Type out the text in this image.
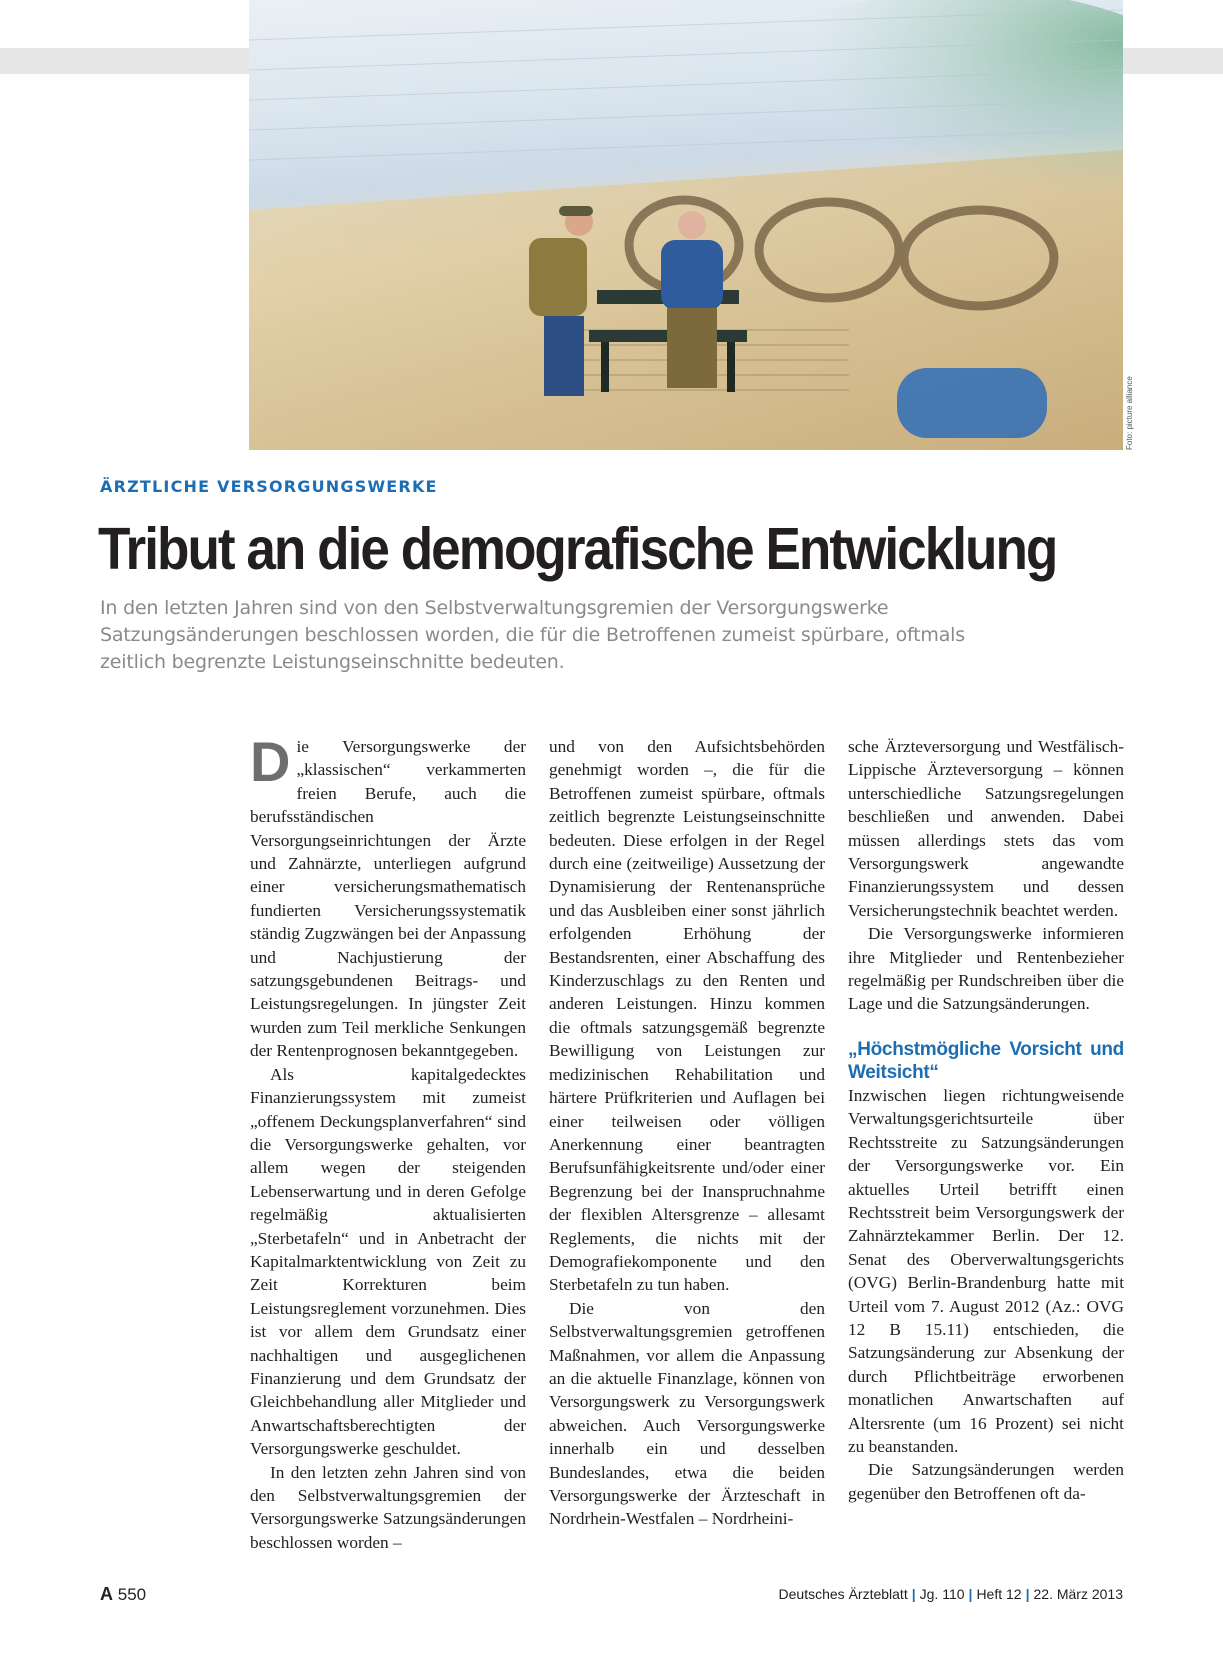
Foto: picture alliance
ÄRZTLICHE VERSORGUNGSWERKE
Tribut an die demografische Entwicklung

In den letzten Jahren sind von den Selbstverwaltungsgremien der Versorgungswerke Satzungsänderungen beschlossen worden, die für die Betroffenen zumeist spürbare, oftmals zeitlich begrenzte Leistungseinschnitte bedeuten.

D ie Versorgungswerke der „klassischen“ verkammerten freien Berufe, auch die berufsständischen Versorgungseinrichtungen der Ärzte und Zahnärzte, unterliegen aufgrund einer versicherungsmathematisch fundierten Versicherungssystematik ständig Zugzwängen bei der Anpassung und Nachjustierung der satzungsgebundenen Beitrags- und Leistungsregelungen. In jüngster Zeit wurden zum Teil merkliche Senkungen der Rentenprognosen bekanntgegeben.

Als kapitalgedecktes Finanzierungssystem mit zumeist „offenem Deckungsplanverfahren“ sind die Versorgungswerke gehalten, vor allem wegen der steigenden Lebenserwartung und in deren Gefolge regelmäßig aktualisierten „Sterbetafeln“ und in Anbetracht der Kapitalmarktentwicklung von Zeit zu Zeit Korrekturen beim Leistungsreglement vorzunehmen. Dies ist vor allem dem Grundsatz einer nachhaltigen und ausgeglichenen Finanzierung und dem Grundsatz der Gleichbehandlung aller Mitglieder und Anwartschaftsberechtigten der Versorgungswerke geschuldet.

In den letzten zehn Jahren sind von den Selbstverwaltungsgremien der Versorgungswerke Satzungsänderungen beschlossen worden –

und von den Aufsichtsbehörden genehmigt worden –, die für die Betroffenen zumeist spürbare, oftmals zeitlich begrenzte Leistungseinschnitte bedeuten. Diese erfolgen in der Regel durch eine (zeitweilige) Aussetzung der Dynamisierung der Rentenansprüche und das Ausbleiben einer sonst jährlich erfolgenden Erhöhung der Bestandsrenten, einer Abschaffung des Kinderzuschlags zu den Renten und anderen Leistungen. Hinzu kommen die oftmals satzungsgemäß begrenzte Bewilligung von Leistungen zur medizinischen Rehabilitation und härtere Prüfkriterien und Auflagen bei einer teilweisen oder völligen Anerkennung einer beantragten Berufsunfähigkeitsrente und/oder einer Begrenzung bei der Inanspruchnahme der flexiblen Altersgrenze – allesamt Reglements, die nichts mit der Demografiekomponente und den Sterbetafeln zu tun haben.

Die von den Selbstverwaltungsgremien getroffenen Maßnahmen, vor allem die Anpassung an die aktuelle Finanzlage, können von Versorgungswerk zu Versorgungswerk abweichen. Auch Versorgungswerke innerhalb ein und desselben Bundeslandes, etwa die beiden Versorgungswerke der Ärzteschaft in Nordrhein-Westfalen – Nordrheini-

sche Ärzteversorgung und Westfälisch-Lippische Ärzteversorgung – können unterschiedliche Satzungsregelungen beschließen und anwenden. Dabei müssen allerdings stets das vom Versorgungswerk angewandte Finanzierungssystem und dessen Versicherungstechnik beachtet werden.

Die Versorgungswerke informieren ihre Mitglieder und Rentenbezieher regelmäßig per Rundschreiben über die Lage und die Satzungsänderungen.

„Höchstmögliche Vorsicht und Weitsicht“

Inzwischen liegen richtungweisende Verwaltungsgerichtsurteile über Rechtsstreite zu Satzungsänderungen der Versorgungswerke vor. Ein aktuelles Urteil betrifft einen Rechtsstreit beim Versorgungswerk der Zahnärztekammer Berlin. Der 12. Senat des Oberverwaltungsgerichts (OVG) Berlin-Brandenburg hatte mit Urteil vom 7. August 2012 (Az.: OVG 12 B 15.11) entschieden, die Satzungsänderung zur Absenkung der durch Pflichtbeiträge erworbenen monatlichen Anwartschaften auf Altersrente (um 16 Prozent) sei nicht zu beanstanden.

Die Satzungsänderungen werden gegenüber den Betroffenen oft da-

A 550	Deutsches Ärzteblatt | Jg. 110 | Heft 12 | 22. März 2013
